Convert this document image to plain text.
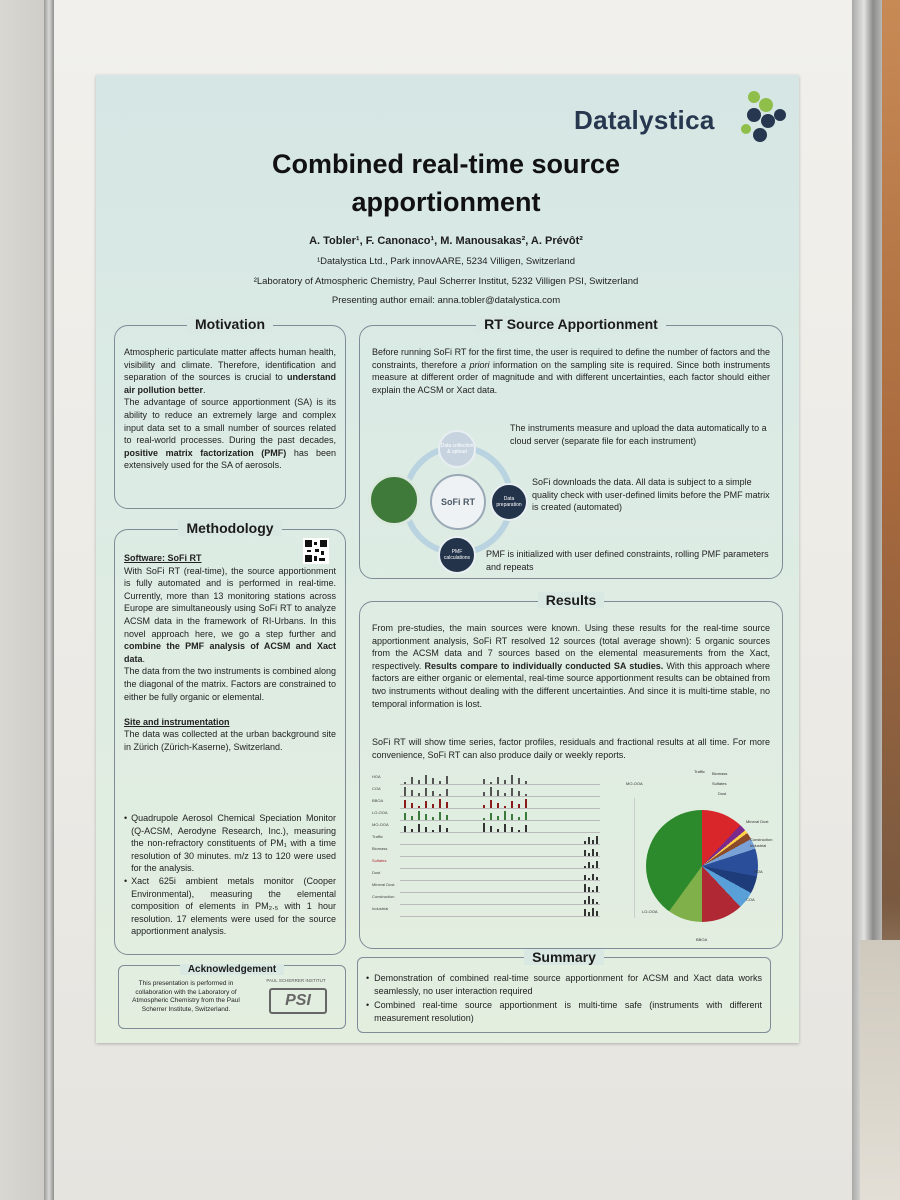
Datalystica
Combined real-time source
apportionment
A. Tobler¹, F. Canonaco¹, M. Manousakas², A. Prévôt²
¹Datalystica Ltd., Park innovAARE, 5234 Villigen, Switzerland
²Laboratory of Atmospheric Chemistry, Paul Scherrer Institut, 5232 Villigen PSI, Switzerland
Presenting author email: anna.tobler@datalystica.com
Motivation
Atmospheric particulate matter affects human health, visibility and climate. Therefore, identification and separation of the sources is crucial to understand air pollution better.
The advantage of source apportionment (SA) is its ability to reduce an extremely large and complex input data set to a small number of sources related to real-world processes. During the past decades, positive matrix factorization (PMF) has been extensively used for the SA of aerosols.
Methodology
Software: SoFi RT
With SoFi RT (real-time), the source apportionment is fully automated and is performed in real-time. Currently, more than 13 monitoring stations across Europe are simultaneously using SoFi RT to analyze ACSM data in the framework of RI-Urbans. In this novel approach here, we go a step further and combine the PMF analysis of ACSM and Xact data.
The data from the two instruments is combined along the diagonal of the matrix. Factors are constrained to either be fully organic or elemental.

Site and instrumentation
The data was collected at the urban background site in Zürich (Zürich-Kaserne), Switzerland.
• Quadrupole Aerosol Chemical Speciation Monitor (Q-ACSM, Aerodyne Research, Inc.), measuring the non-refractory constituents of PM₁ with a time resolution of 30 minutes. m/z 13 to 120 were used for the analysis.
• Xact 625i ambient metals monitor (Cooper Environmental), measuring the elemental composition of elements in PM₂.₅ with 1 hour resolution. 17 elements were used for the source apportionment analysis.
Acknowledgement
This presentation is performed in collaboration with the Laboratory of Atmospheric Chemistry from the Paul Scherrer Institute, Switzerland.
PAUL SCHERRER INSTITUT
PSI
RT Source Apportionment
Before running SoFi RT for the first time, the user is required to define the number of factors and the constraints, therefore a priori information on the sampling site is required. Since both instruments measure at different order of magnitude and with different uncertainties, each factor should either explain the ACSM or Xact data.
SoFi RT
Data collection & upload
Data preparation
PMF calculations
The instruments measure and upload the data automatically to a cloud server (separate file for each instrument)
SoFi downloads the data. All data is subject to a simple quality check with user-defined limits before the PMF matrix is created (automated)
PMF is initialized with user defined constraints, rolling PMF parameters and repeats
Results
From pre-studies, the main sources were known. Using these results for the real-time source apportionment analysis, SoFi RT resolved 12 sources (total average shown): 5 organic sources from the ACSM data and 7 sources based on the elemental measurements from the Xact, respectively. Results compare to individually conducted SA studies. With this approach where factors are either organic or elemental, real-time source apportionment results can be obtained from two instruments without dealing with the different uncertainties. And since it is multi-time stable, no temporal information is lost.
SoFi RT will show time series, factor profiles, residuals and fractional results at all time. For more convenience, SoFi RT can also produce daily or weekly reports.
HOA
COA
BBOA
LO-OOA
MO-OOA
Traffic
Biomass
Sulfates
Dust
Mineral Dust
Construction
Industrial
MO-OOA
Traffic Biomass
Sulfates
Dust
Mineral Dust
Construction
Industrial
HOA
COA
LO-OOA
BBOA
Summary
• Demonstration of combined real-time source apportionment for ACSM and Xact data works seamlessly, no user interaction required
• Combined real-time source apportionment is multi-time safe (instruments with different measurement resolution)
